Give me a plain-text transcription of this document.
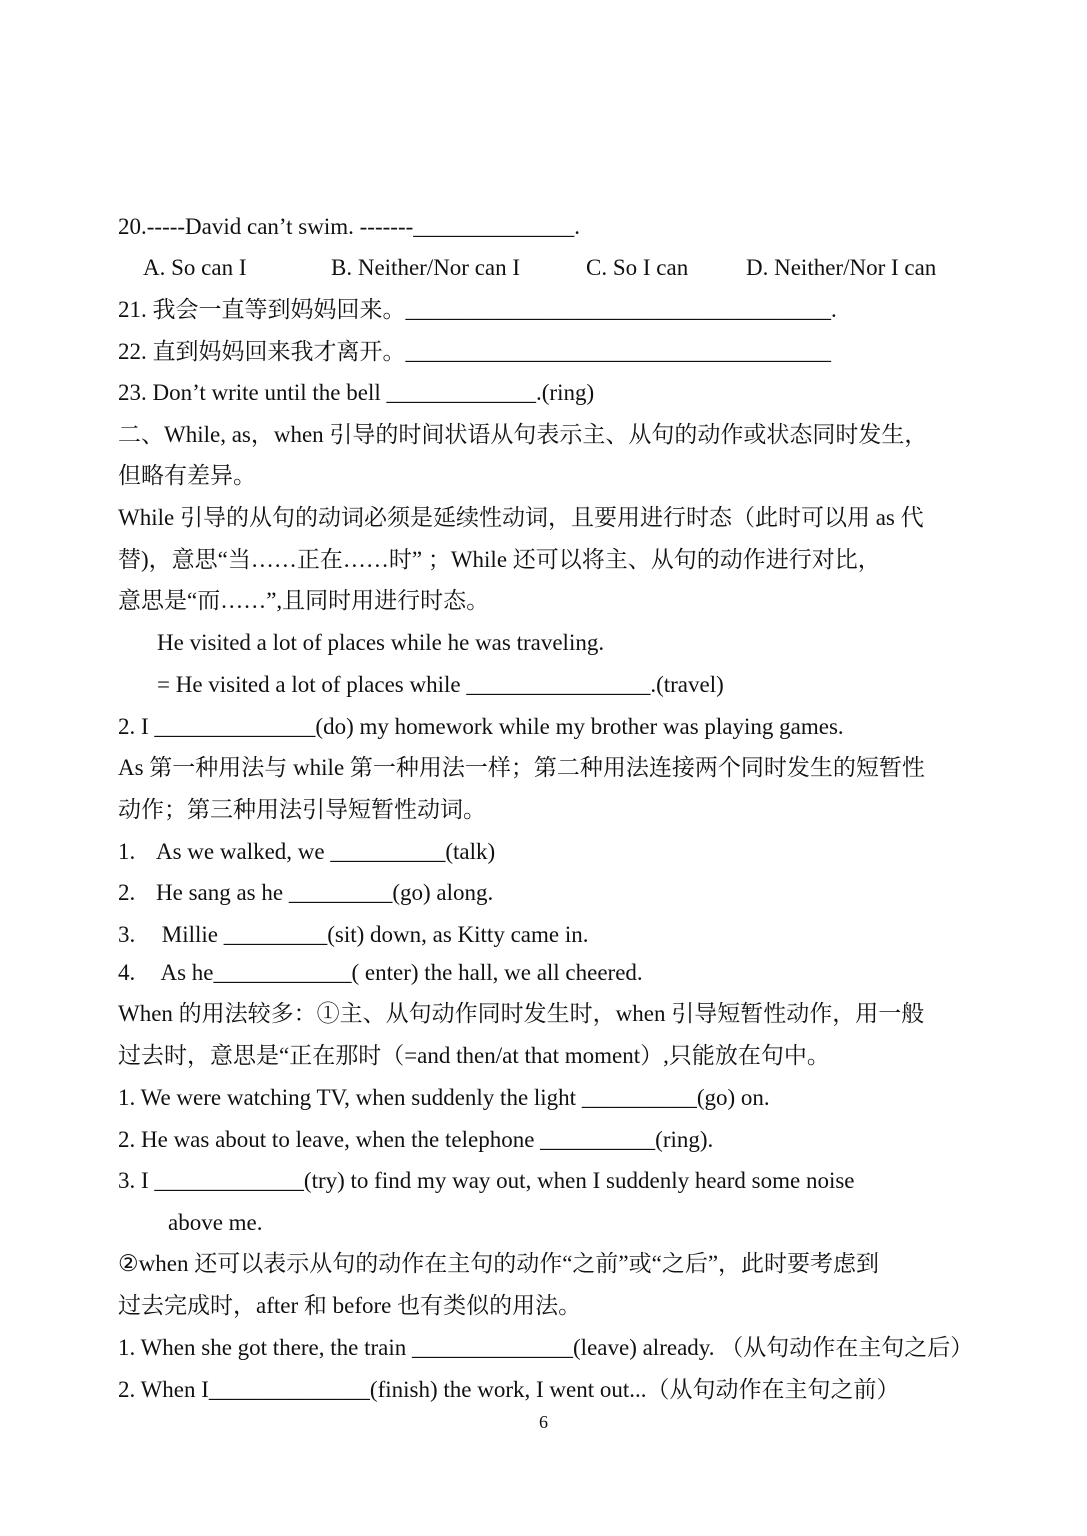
20.-----David can’t swim. -------______________.
A. So can I	B. Neither/Nor can I	C. So I can	D. Neither/Nor I can
21. 我会一直等到妈妈回来。_____________________________________.
22. 直到妈妈回来我才离开。_____________________________________
23. Don’t write until the bell _____________.(ring)
二、While, as，when 引导的时间状语从句表示主、从句的动作或状态同时发生，
但略有差异。
While 引导的从句的动词必须是延续性动词，且要用进行时态（此时可以用 as 代
替)，意思“当……正在……时” ；While 还可以将主、从句的动作进行对比，
意思是“而……”,且同时用进行时态。
He visited a lot of places while he was traveling.
= He visited a lot of places while ________________.(travel)
2. I ______________(do) my homework while my brother was playing games.
As 第一种用法与 while 第一种用法一样；第二种用法连接两个同时发生的短暂性
动作；第三种用法引导短暂性动词。
1. As we walked, we __________(talk)
2. He sang as he _________(go) along.
3. Millie _________(sit) down, as Kitty came in.
4. As he____________( enter) the hall, we all cheered.
When 的用法较多：①主、从句动作同时发生时，when 引导短暂性动作，用一般
过去时，意思是“正在那时（=and then/at that moment）,只能放在句中。
1. We were watching TV, when suddenly the light __________(go) on.
2. He was about to leave, when the telephone __________(ring).
3. I _____________(try) to find my way out, when I suddenly heard some noise
above me.
②when 还可以表示从句的动作在主句的动作“之前”或“之后”，此时要考虑到
过去完成时，after 和 before 也有类似的用法。
1. When she got there, the train ______________(leave) already. （从句动作在主句之后）
2. When I______________(finish) the work, I went out...（从句动作在主句之前）
6
